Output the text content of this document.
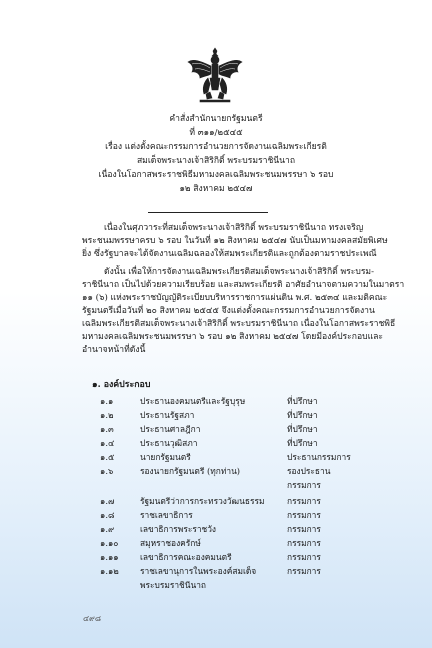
คำสั่งสำนักนายกรัฐมนตรี
ที่ ๓๑๑/๒๕๔๕
เรื่อง แต่งตั้งคณะกรรมการอำนวยการจัดงานเฉลิมพระเกียรติ
สมเด็จพระนางเจ้าสิริกิติ์ พระบรมราชินีนาถ
เนื่องในโอกาสพระราชพิธีมหามงคลเฉลิมพระชนมพรรษา ๖ รอบ
๑๒ สิงหาคม ๒๕๔๗

เนื่องในศุภวาระที่สมเด็จพระนางเจ้าสิริกิติ์ พระบรมราชินีนาถ ทรงเจริญ

พระชนมพรรษาครบ ๖ รอบ ในวันที่ ๑๒ สิงหาคม ๒๕๔๗ นับเป็นมหามงคลสมัยพิเศษ

ยิ่ง ซึ่งรัฐบาลจะได้จัดงานเฉลิมฉลองให้สมพระเกียรติและถูกต้องตามราชประเพณี

ดังนั้น เพื่อให้การจัดงานเฉลิมพระเกียรติสมเด็จพระนางเจ้าสิริกิติ์ พระบรม-

ราชินีนาถ เป็นไปด้วยความเรียบร้อย และสมพระเกียรติ อาศัยอำนาจตามความในมาตรา

๑๑ (๖) แห่งพระราชบัญญัติระเบียบบริหารราชการแผ่นดิน พ.ศ. ๒๕๓๔ และมติคณะ

รัฐมนตรีเมื่อวันที่ ๒๐ สิงหาคม ๒๕๔๕ จึงแต่งตั้งคณะกรรมการอำนวยการจัดงาน

เฉลิมพระเกียรติสมเด็จพระนางเจ้าสิริกิติ์ พระบรมราชินีนาถ เนื่องในโอกาสพระราชพิธี

มหามงคลเฉลิมพระชนมพรรษา ๖ รอบ ๑๒ สิงหาคม ๒๕๔๗ โดยมีองค์ประกอบและ

อำนาจหน้าที่ดังนี้

๑. องค์ประกอบ
๑.๑	ประธานองคมนตรีและรัฐบุรุษ	ที่ปรึกษา
๑.๒	ประธานรัฐสภา	ที่ปรึกษา
๑.๓	ประธานศาลฎีกา	ที่ปรึกษา
๑.๔	ประธานวุฒิสภา	ที่ปรึกษา
๑.๕	นายกรัฐมนตรี	ประธานกรรมการ
๑.๖	รองนายกรัฐมนตรี (ทุกท่าน)	รองประธาน
กรรมการ
๑.๗	รัฐมนตรีว่าการกระทรวงวัฒนธรรม	กรรมการ
๑.๘	ราชเลขาธิการ	กรรมการ
๑.๙	เลขาธิการพระราชวัง	กรรมการ
๑.๑๐	สมุหราชองครักษ์	กรรมการ
๑.๑๑	เลขาธิการคณะองคมนตรี	กรรมการ
๑.๑๒	ราชเลขานุการในพระองค์สมเด็จ	กรรมการ
พระบรมราชินีนาถ
๔๙๘
